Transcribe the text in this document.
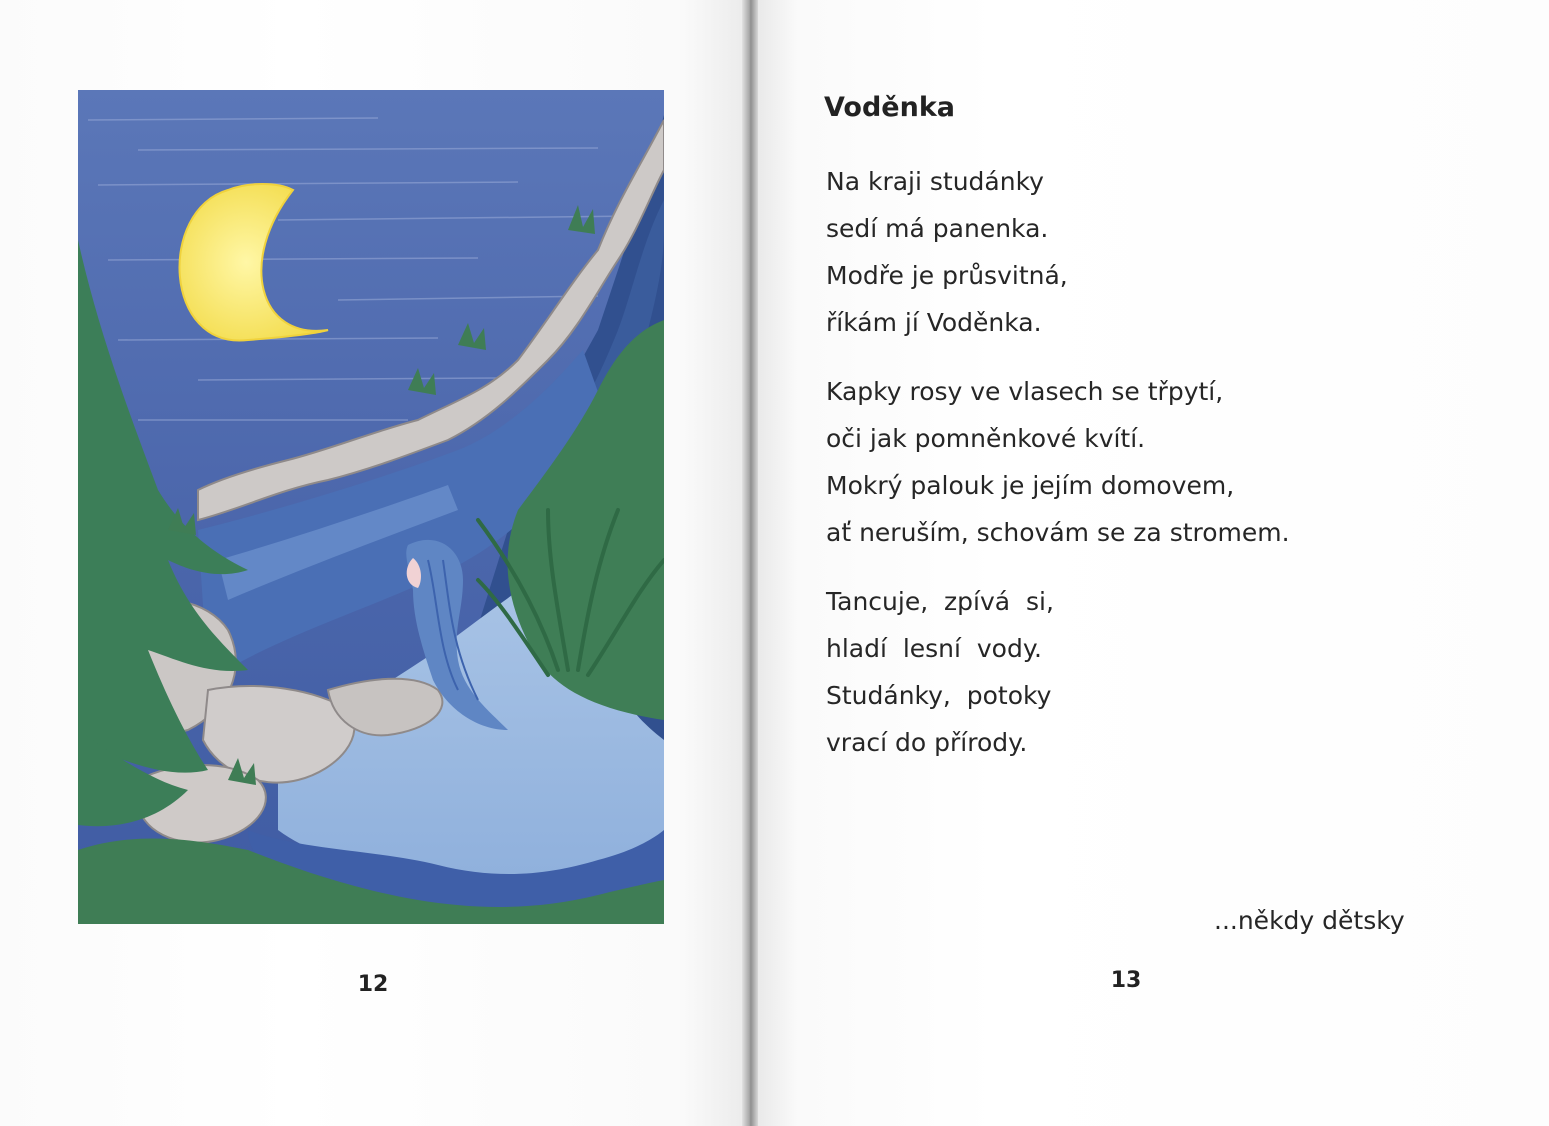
12
Voděnka
Na kraji studánky
sedí má panenka.
Modře je průsvitná,
říkám jí Voděnka.
Kapky rosy ve vlasech se třpytí,
oči jak pomněnkové kvítí.
Mokrý palouk je jejím domovem,
ať neruším, schovám se za stromem.
Tancuje,  zpívá  si,
hladí  lesní  vody.
Studánky,  potoky
vrací do přírody.
...někdy dětsky
13
